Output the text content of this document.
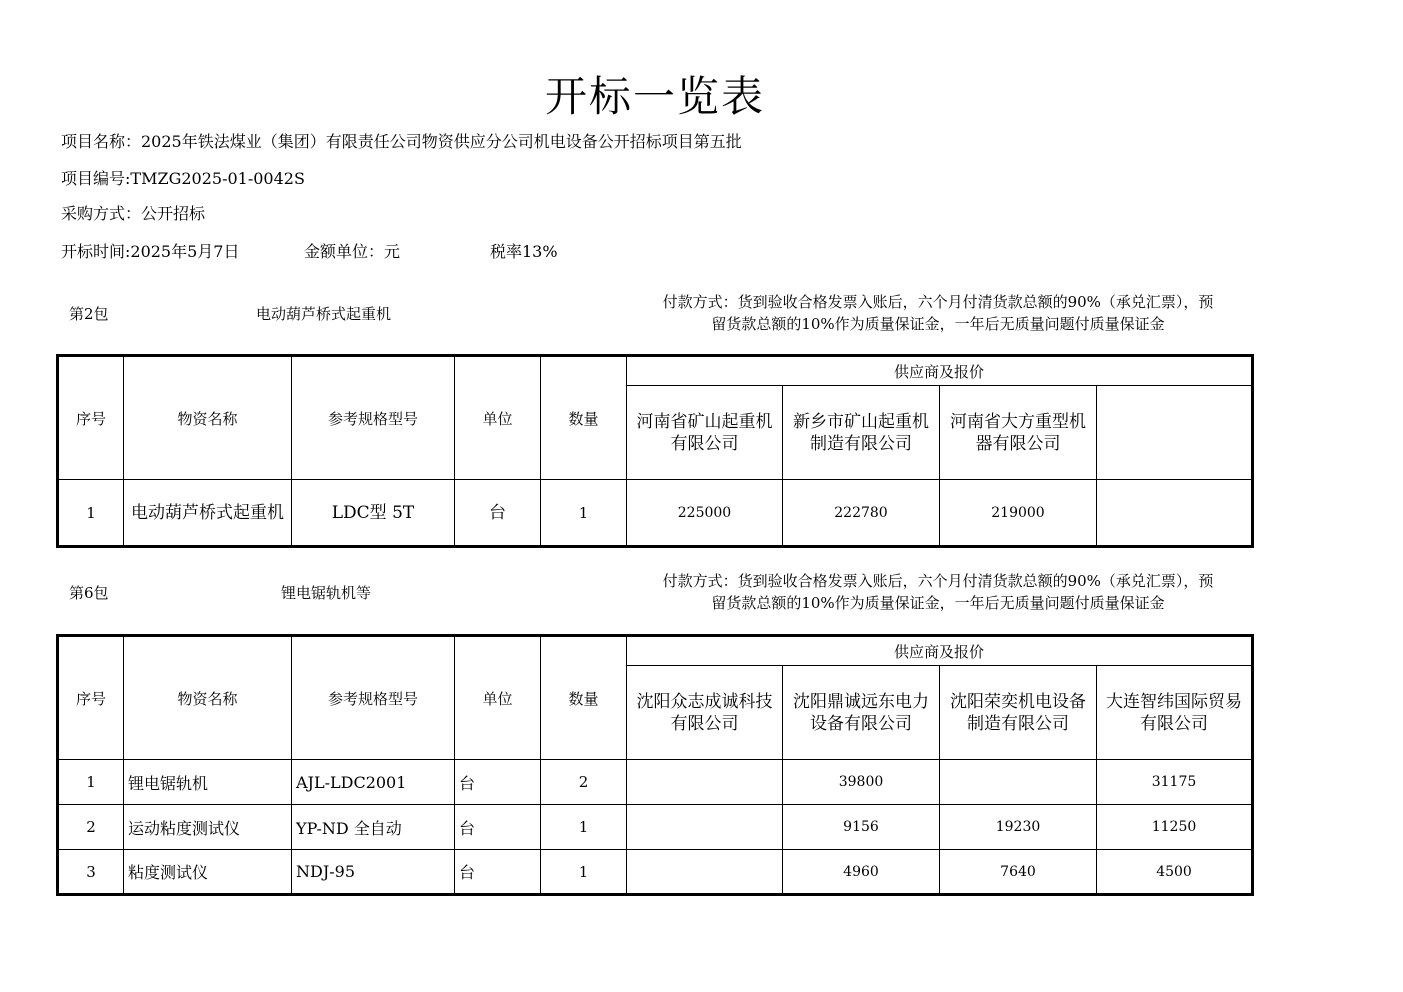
开标一览表
项目名称：2025年铁法煤业（集团）有限责任公司物资供应分公司机电设备公开招标项目第五批
项目编号:TMZG2025-01-0042S
采购方式：公开招标
开标时间:2025年5月7日	金额单位：元	税率13%
第2包	电动葫芦桥式起重机
付款方式：货到验收合格发票入账后，六个月付清货款总额的90%（承兑汇票），预
留货款总额的10%作为质量保证金，一年后无质量问题付质量保证金
序号	物资名称	参考规格型号	单位	数量	供应商及报价			
					河南省矿山起重机有限公司	新乡市矿山起重机制造有限公司	河南省大方重型机器有限公司	
1	电动葫芦桥式起重机	LDC型 5T	台	1	225000	222780	219000	
第6包	锂电锯轨机等
付款方式：货到验收合格发票入账后，六个月付清货款总额的90%（承兑汇票），预
留货款总额的10%作为质量保证金，一年后无质量问题付质量保证金
序号	物资名称	参考规格型号	单位	数量	供应商及报价			
					沈阳众志成诚科技有限公司	沈阳鼎诚远东电力设备有限公司	沈阳荣奕机电设备制造有限公司	大连智纬国际贸易有限公司
1	锂电锯轨机	AJL-LDC2001	台	2		39800		31175
2	运动粘度测试仪	YP-ND 全自动	台	1		9156	19230	11250
3	粘度测试仪	NDJ-95	台	1		4960	7640	4500
